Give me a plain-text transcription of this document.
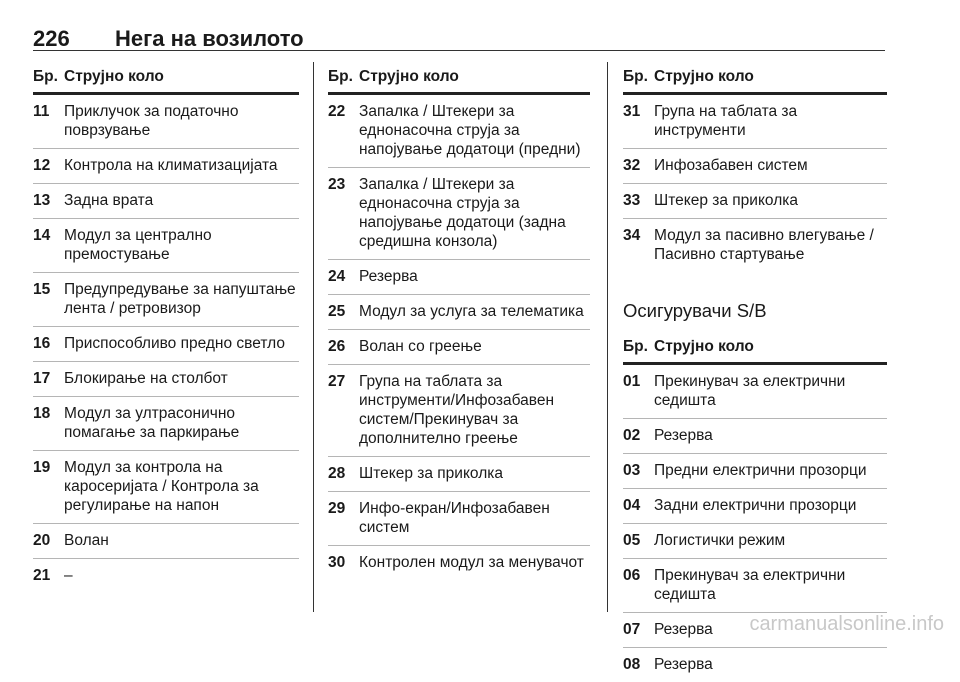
226 Нега на возилото
Бр. Струјно коло
11 Приклучок за податочно поврзување
12 Контрола на климатизацијата
13 Задна врата
14 Модул за централно премостување
15 Предупредување за напуштање лента / ретровизор
16 Приспособливо предно светло
17 Блокирање на столбот
18 Модул за ултрасонично помагање за паркирање
19 Модул за контрола на каросеријата / Контрола за регулирање на напон
20 Волан
21 –
Бр. Струјно коло
22 Запалка / Штекери за еднонасочна струја за напојување додатоци (предни)
23 Запалка / Штекери за еднонасочна струја за напојување додатоци (задна средишна конзола)
24 Резерва
25 Модул за услуга за телематика
26 Волан со греење
27 Група на таблата за инструменти/Инфозабавен систем/Прекинувач за дополнително греење
28 Штекер за приколка
29 Инфо-екран/Инфозабавен систем
30 Контролен модул за менувачот
Бр. Струјно коло
31 Група на таблата за инструменти
32 Инфозабавен систем
33 Штекер за приколка
34 Модул за пасивно влегување / Пасивно стартување
Осигурувачи S/B
Бр. Струјно коло
01 Прекинувач за електрични седишта
02 Резерва
03 Предни електрични прозорци
04 Задни електрични прозорци
05 Логистички режим
06 Прекинувач за електрични седишта
07 Резерва
08 Резерва
carmanualsonline.info
